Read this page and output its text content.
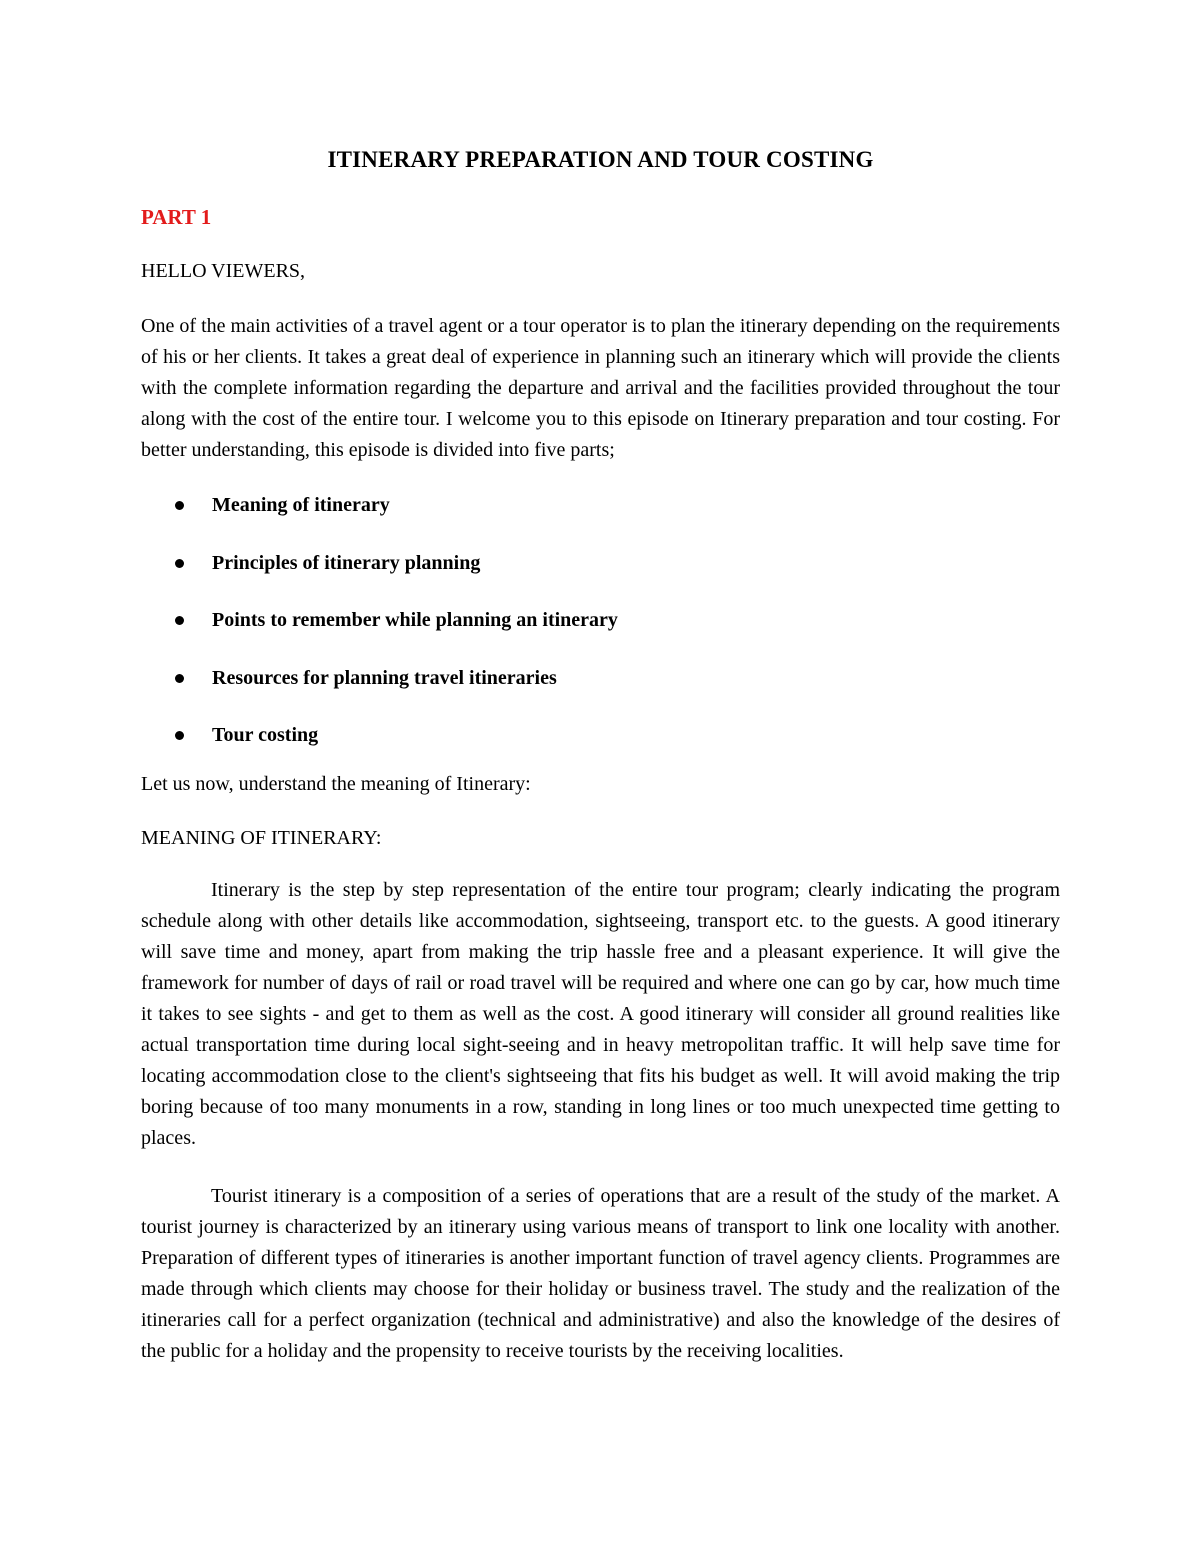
ITINERARY PREPARATION AND TOUR COSTING

PART 1

HELLO VIEWERS,

One of the main activities of a travel agent or a tour operator is to plan the itinerary depending on the requirements of his or her clients. It takes a great deal of experience in planning such an itinerary which will provide the clients with the complete information regarding the departure and arrival and the facilities provided throughout the tour along with the cost of the entire tour. I welcome you to this episode on Itinerary preparation and tour costing. For better understanding, this episode is divided into five parts;

Meaning of itinerary
Principles of itinerary planning
Points to remember while planning an itinerary
Resources for planning travel itineraries
Tour costing

Let us now, understand the meaning of Itinerary:

MEANING OF ITINERARY:

Itinerary is the step by step representation of the entire tour program; clearly indicating the program schedule along with other details like accommodation, sightseeing, transport etc. to the guests. A good itinerary will save time and money, apart from making the trip hassle free and a pleasant experience. It will give the framework for number of days of rail or road travel will be required and where one can go by car, how much time it takes to see sights - and get to them as well as the cost. A good itinerary will consider all ground realities like actual transportation time during local sight-seeing and in heavy metropolitan traffic. It will help save time for locating accommodation close to the client's sightseeing that fits his budget as well. It will avoid making the trip boring because of too many monuments in a row, standing in long lines or too much unexpected time getting to places.

Tourist itinerary is a composition of a series of operations that are a result of the study of the market. A tourist journey is characterized by an itinerary using various means of transport to link one locality with another. Preparation of different types of itineraries is another important function of travel agency clients. Programmes are made through which clients may choose for their holiday or business travel. The study and the realization of the itineraries call for a perfect organization (technical and administrative) and also the knowledge of the desires of the public for a holiday and the propensity to receive tourists by the receiving localities.
